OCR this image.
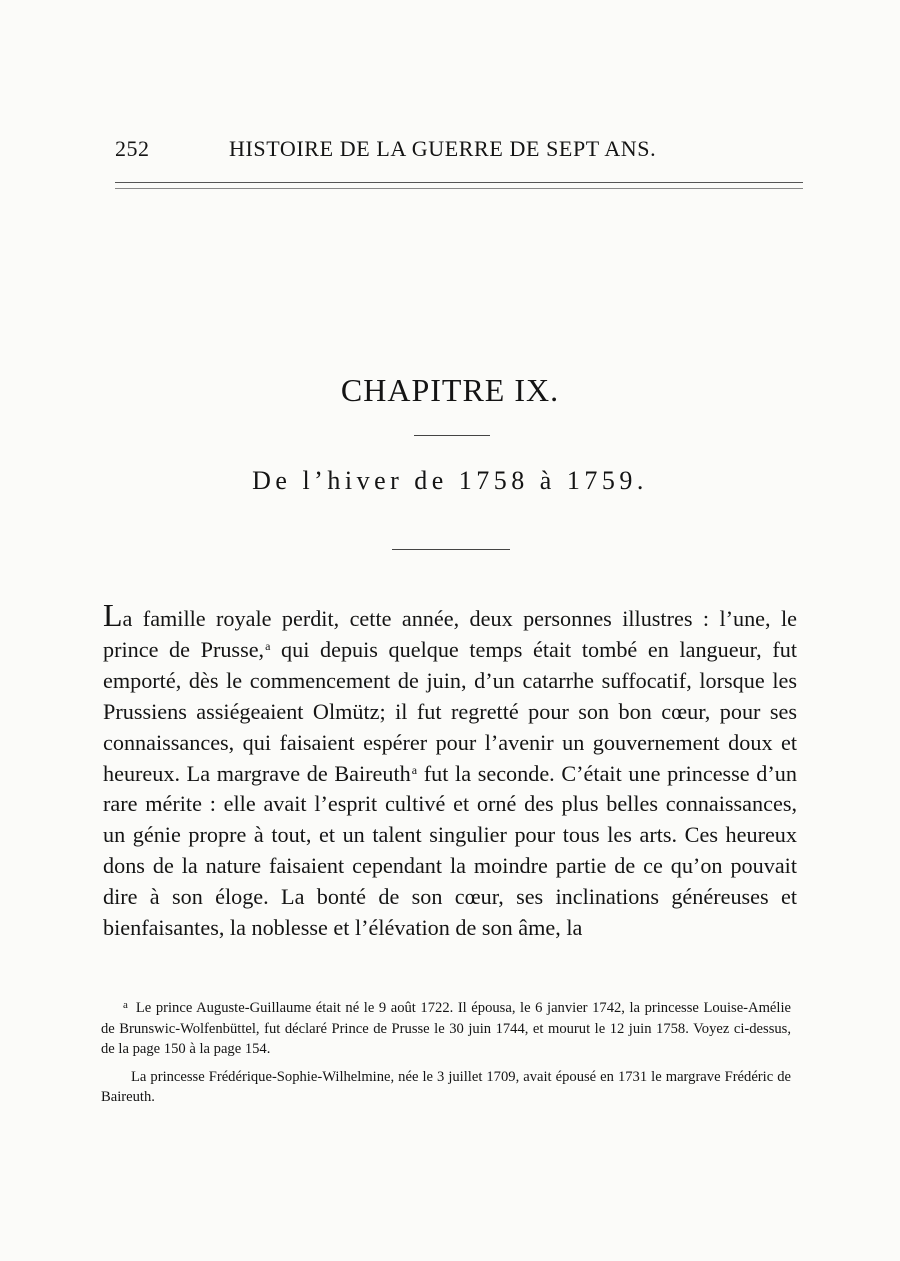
252	HISTOIRE DE LA GUERRE DE SEPT ANS.
CHAPITRE IX.
De l’hiver de 1758 à 1759.

La famille royale perdit, cette année, deux personnes illustres : l’une, le prince de Prusse,$^a$ qui depuis quelque temps était tombé en langueur, fut emporté, dès le commencement de juin, d’un catarrhe suffocatif, lorsque les Prussiens assiégeaient Olmütz; il fut regretté pour son bon cœur, pour ses connaissances, qui faisaient espérer pour l’avenir un gouvernement doux et heureux. La margrave de Baireuth$^a$ fut la seconde. C’était une princesse d’un rare mérite : elle avait l’esprit cultivé et orné des plus belles connaissances, un génie propre à tout, et un talent singulier pour tous les arts. Ces heureux dons de la nature faisaient cependant la moindre partie de ce qu’on pouvait dire à son éloge. La bonté de son cœur, ses inclinations généreuses et bienfaisantes, la noblesse et l’élévation de son âme, la

$^a$ Le prince Auguste-Guillaume était né le 9 août 1722. Il épousa, le 6 janvier 1742, la princesse Louise-Amélie de Brunswic-Wolfenbüttel, fut déclaré Prince de Prusse le 30 juin 1744, et mourut le 12 juin 1758. Voyez ci-dessus, de la page 150 à la page 154.

La princesse Frédérique-Sophie-Wilhelmine, née le 3 juillet 1709, avait épousé en 1731 le margrave Frédéric de Baireuth.
